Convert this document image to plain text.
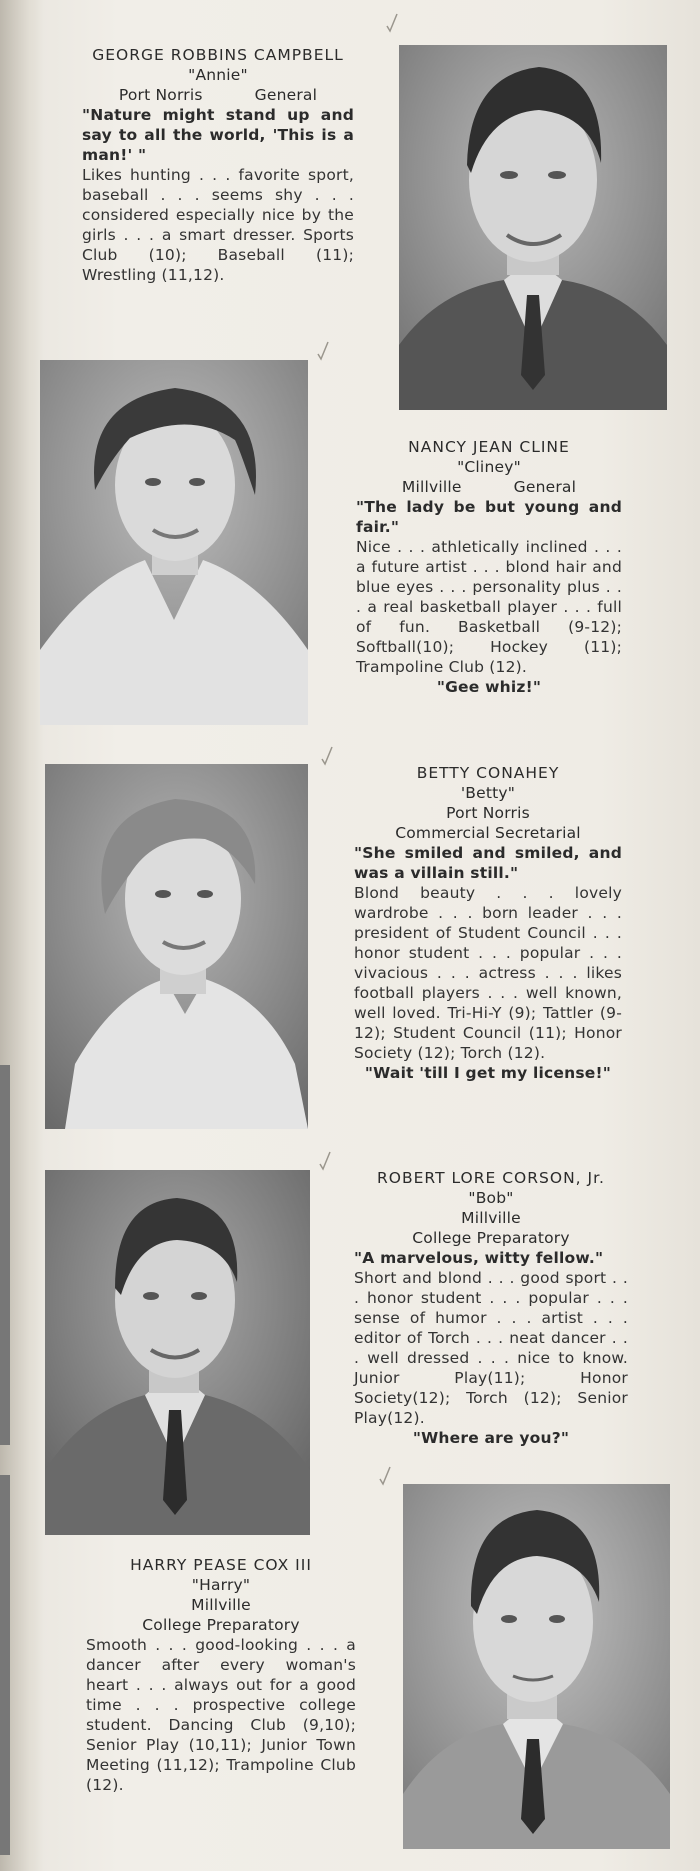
GEORGE ROBBINS CAMPBELL
"Annie"
Port Norris	General
"Nature might stand up and say to all the world, 'This is a man!' "
Likes hunting . . . favorite sport, baseball . . . seems shy . . . considered especially nice by the girls . . . a smart dresser. Sports Club (10); Baseball (11); Wrestling (11,12).
NANCY JEAN CLINE
"Cliney"
Millville	General
"The lady be but young and fair."
Nice . . . athletically inclined . . . a future artist . . . blond hair and blue eyes . . . personality plus . . . a real basketball player . . . full of fun. Basketball (9-12); Softball(10); Hockey (11); Trampoline Club (12).
"Gee whiz!"
BETTY CONAHEY
'Betty"
Port Norris
Commercial Secretarial
"She smiled and smiled, and was a villain still."
Blond beauty . . . lovely wardrobe . . . born leader . . . president of Student Council . . . honor student . . . popular . . . vivacious . . . actress . . . likes football players . . . well known, well loved. Tri-Hi-Y (9); Tattler (9-12); Student Council (11); Honor Society (12); Torch (12).
"Wait 'till I get my license!"
ROBERT LORE CORSON, Jr.
"Bob"
Millville
College Preparatory
"A marvelous, witty fellow."
Short and blond . . . good sport . . . honor student . . . popular . . . sense of humor . . . artist . . . editor of Torch . . . neat dancer . . . well dressed . . . nice to know. Junior Play(11); Honor Society(12); Torch (12); Senior Play(12).
"Where are you?"
HARRY PEASE COX III
"Harry"
Millville
College Preparatory
Smooth . . . good-looking . . . a dancer after every woman's heart . . . always out for a good time . . . prospective college student. Dancing Club (9,10); Senior Play (10,11); Junior Town Meeting (11,12); Trampoline Club (12).
